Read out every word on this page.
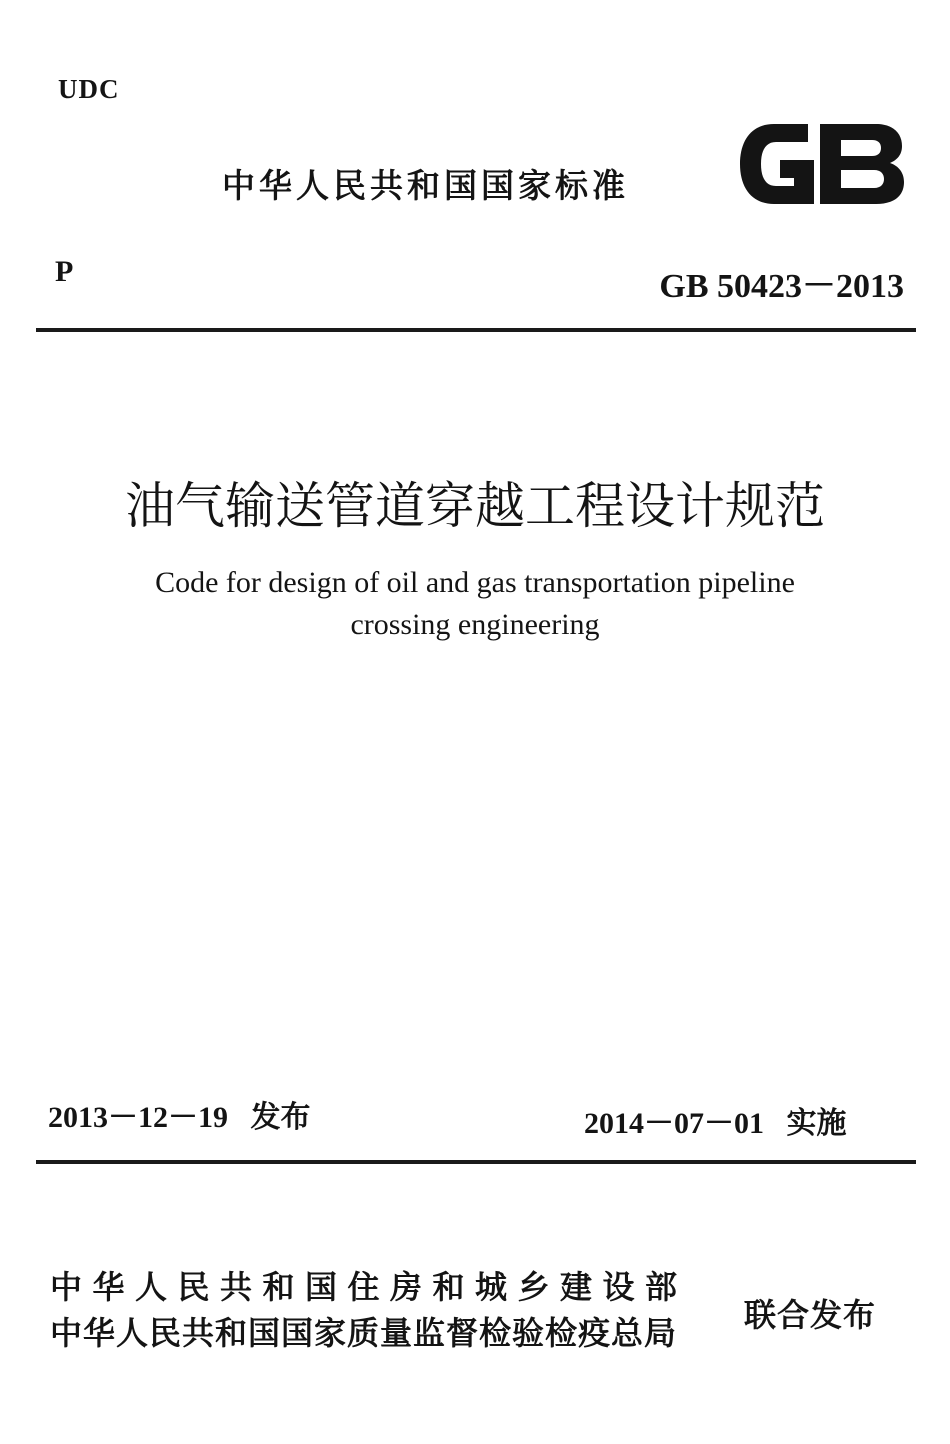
UDC
中华人民共和国国家标准
P	GB 50423－2013
油气输送管道穿越工程设计规范
Code for design of oil and gas transportation pipeline
crossing engineering
2013－12－19 发布	2014－07－01 实施
中华人民共和国住房和城乡建设部
中华人民共和国国家质量监督检验检疫总局 联合发布
